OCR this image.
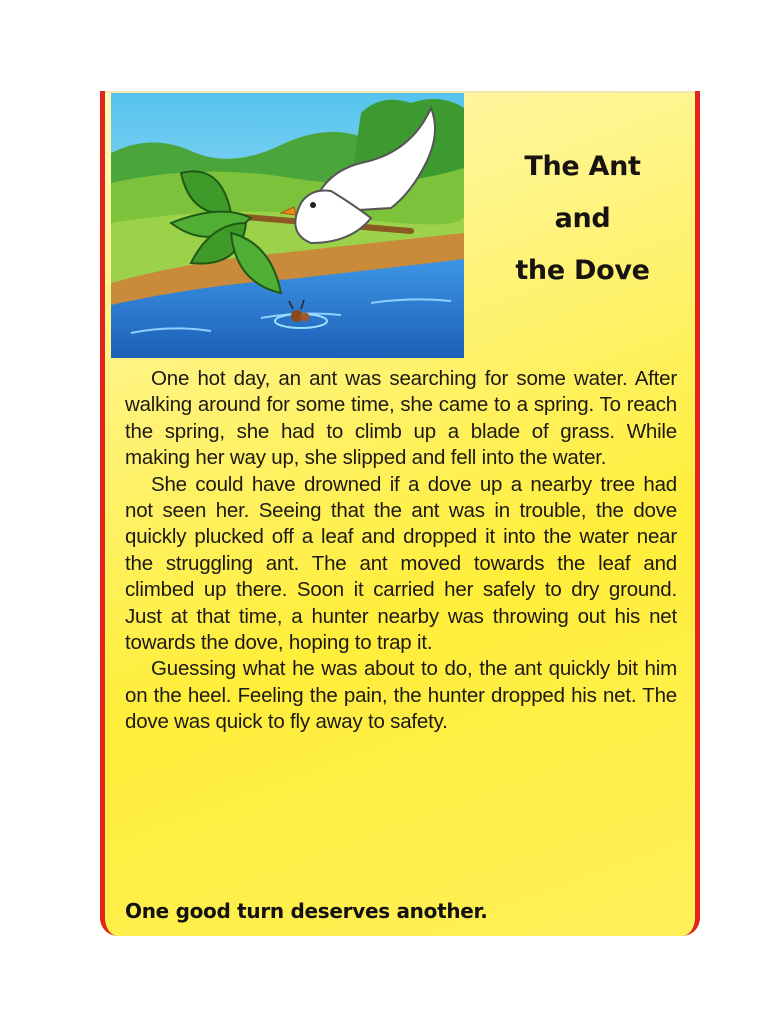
The Ant
and
the Dove

One hot day, an ant was searching for some water. After walking around for some time, she came to a spring. To reach the spring, she had to climb up a blade of grass. While making her way up, she slipped and fell into the water.

She could have drowned if a dove up a nearby tree had not seen her. Seeing that the ant was in trouble, the dove quickly plucked off a leaf and dropped it into the water near the struggling ant. The ant moved towards the leaf and climbed up there. Soon it carried her safely to dry ground. Just at that time, a hunter nearby was throwing out his net towards the dove, hoping to trap it.

Guessing what he was about to do, the ant quickly bit him on the heel. Feeling the pain, the hunter dropped his net. The dove was quick to fly away to safety.

One good turn deserves another.
